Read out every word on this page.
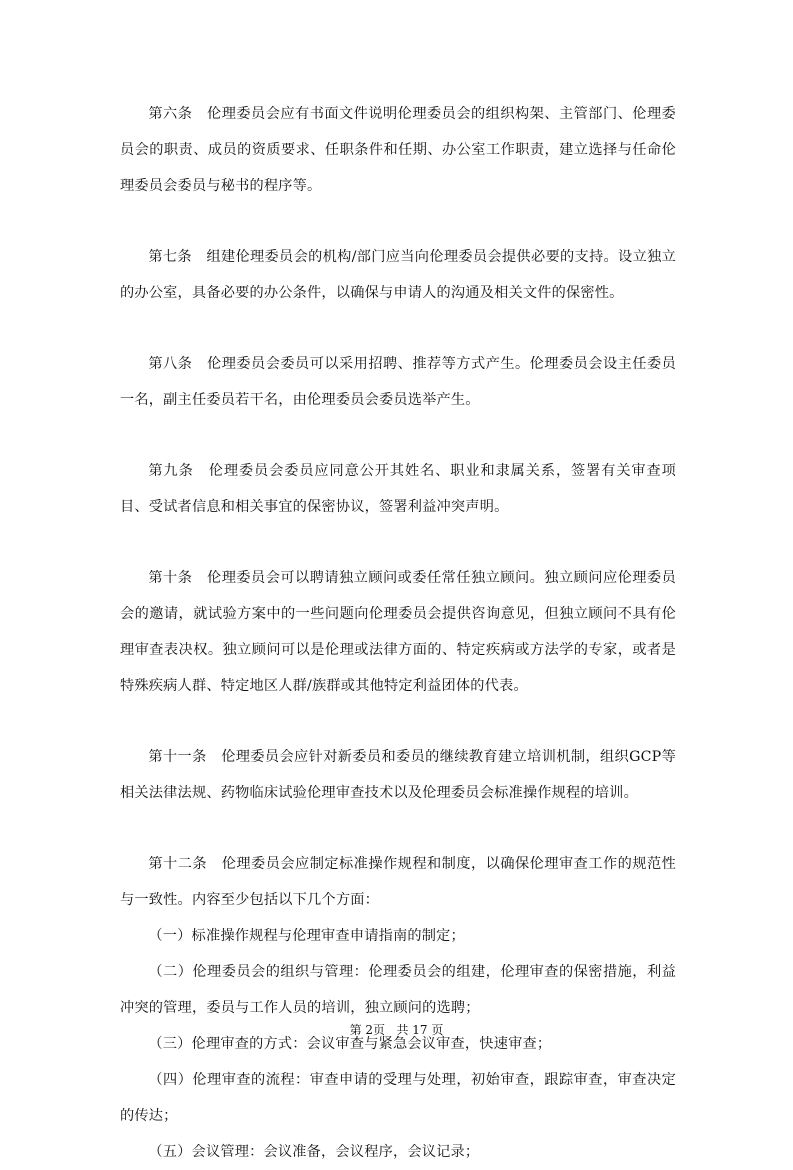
第六条　伦理委员会应有书面文件说明伦理委员会的组织构架、主管部门、伦理委员会的职责、成员的资质要求、任职条件和任期、办公室工作职责，建立选择与任命伦理委员会委员与秘书的程序等。

第七条　组建伦理委员会的机构/部门应当向伦理委员会提供必要的支持。设立独立的办公室，具备必要的办公条件，以确保与申请人的沟通及相关文件的保密性。

第八条　伦理委员会委员可以采用招聘、推荐等方式产生。伦理委员会设主任委员一名，副主任委员若干名，由伦理委员会委员选举产生。

第九条　伦理委员会委员应同意公开其姓名、职业和隶属关系，签署有关审查项目、受试者信息和相关事宜的保密协议，签署利益冲突声明。

第十条　伦理委员会可以聘请独立顾问或委任常任独立顾问。独立顾问应伦理委员会的邀请，就试验方案中的一些问题向伦理委员会提供咨询意见，但独立顾问不具有伦理审查表决权。独立顾问可以是伦理或法律方面的、特定疾病或方法学的专家，或者是特殊疾病人群、特定地区人群/族群或其他特定利益团体的代表。

第十一条　伦理委员会应针对新委员和委员的继续教育建立培训机制，组织GCP等相关法律法规、药物临床试验伦理审查技术以及伦理委员会标准操作规程的培训。

第十二条　伦理委员会应制定标准操作规程和制度，以确保伦理审查工作的规范性与一致性。内容至少包括以下几个方面：

（一）标准操作规程与伦理审查申请指南的制定；

（二）伦理委员会的组织与管理：伦理委员会的组建，伦理审查的保密措施，利益冲突的管理，委员与工作人员的培训，独立顾问的选聘；

（三）伦理审查的方式：会议审查与紧急会议审查，快速审查；

（四）伦理审查的流程：审查申请的受理与处理，初始审查，跟踪审查，审查决定的传达；

（五）会议管理：会议准备，会议程序，会议记录；

第 2页   共 17 页
